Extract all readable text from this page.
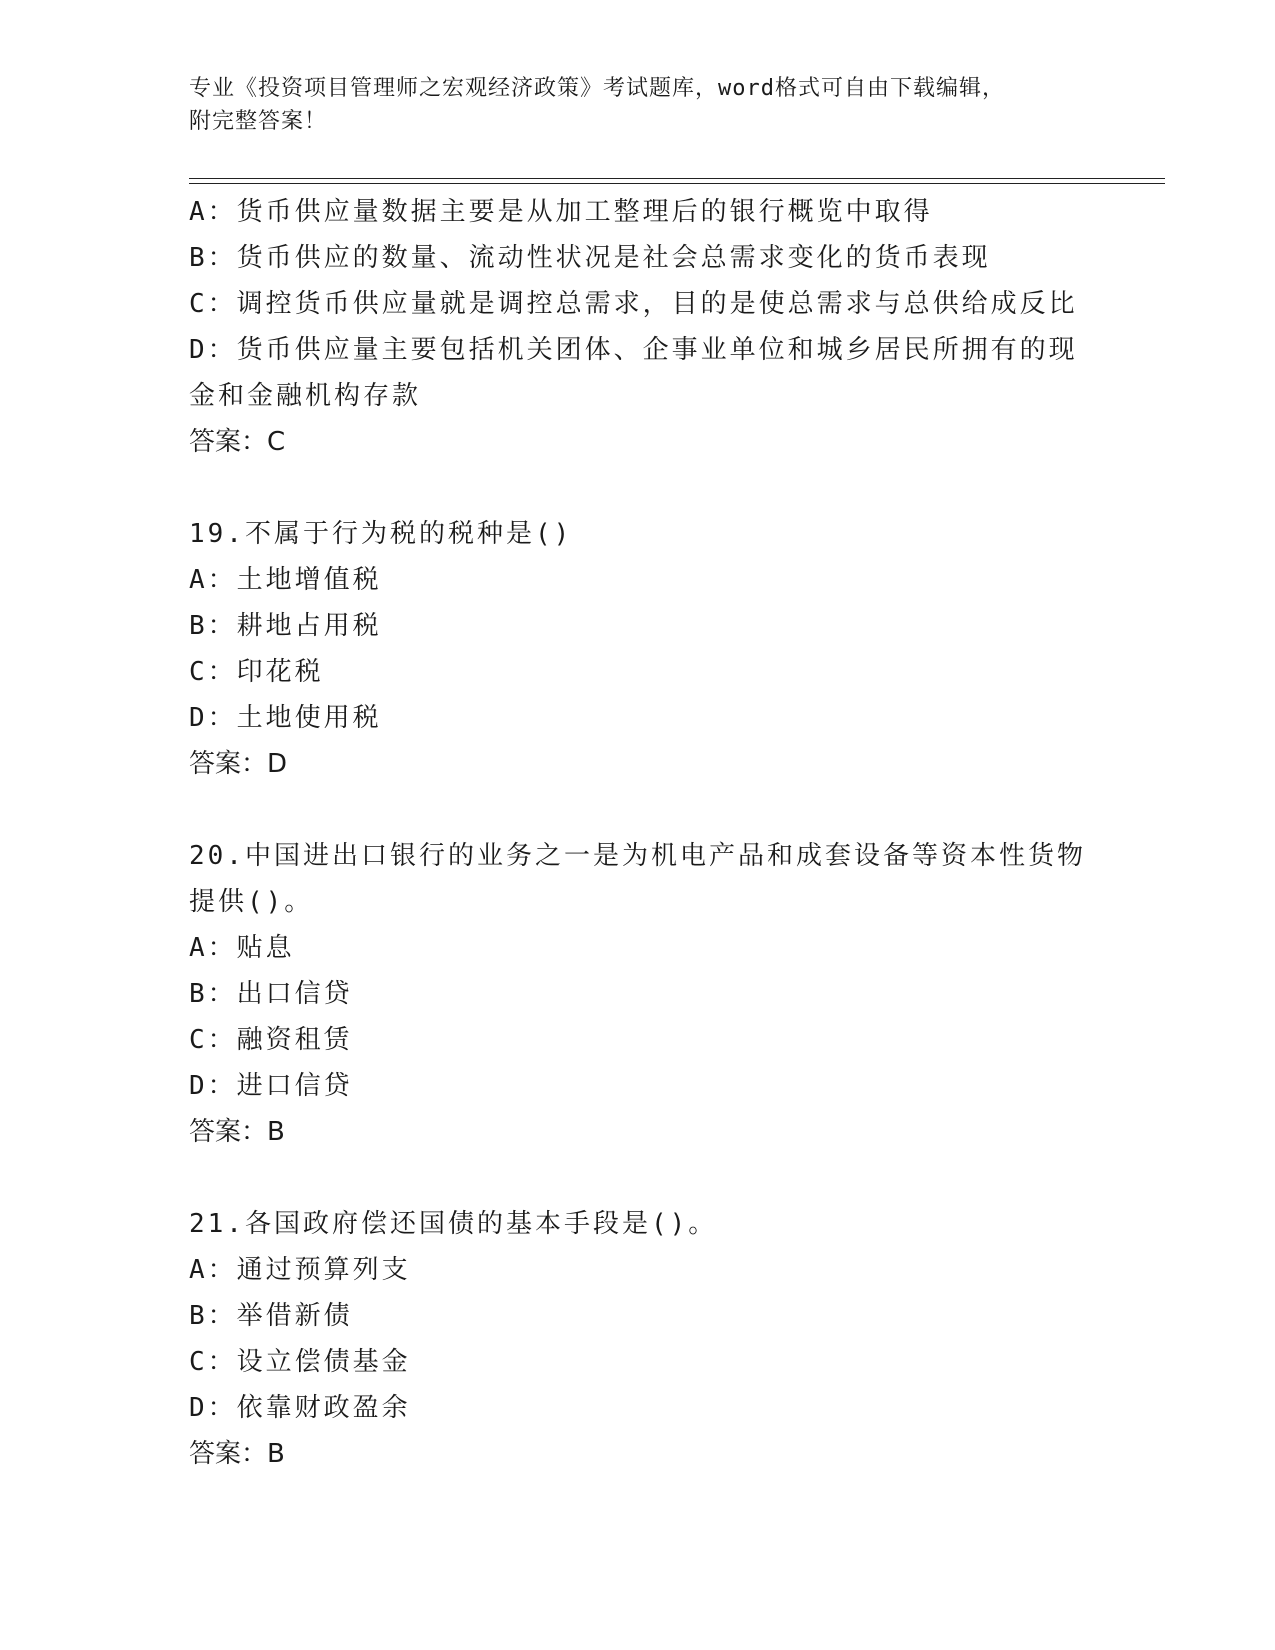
专业《投资项目管理师之宏观经济政策》考试题库，word格式可自由下载编辑，
附完整答案！

A：货币供应量数据主要是从加工整理后的银行概览中取得

B：货币供应的数量、流动性状况是社会总需求变化的货币表现

C：调控货币供应量就是调控总需求，目的是使总需求与总供给成反比

D：货币供应量主要包括机关团体、企事业单位和城乡居民所拥有的现

金和金融机构存款

答案：C

19.不属于行为税的税种是()

A：土地增值税

B：耕地占用税

C：印花税

D：土地使用税

答案：D

20.中国进出口银行的业务之一是为机电产品和成套设备等资本性货物

提供()。

A：贴息

B：出口信贷

C：融资租赁

D：进口信贷

答案：B

21.各国政府偿还国债的基本手段是()。

A：通过预算列支

B：举借新债

C：设立偿债基金

D：依靠财政盈余

答案：B
